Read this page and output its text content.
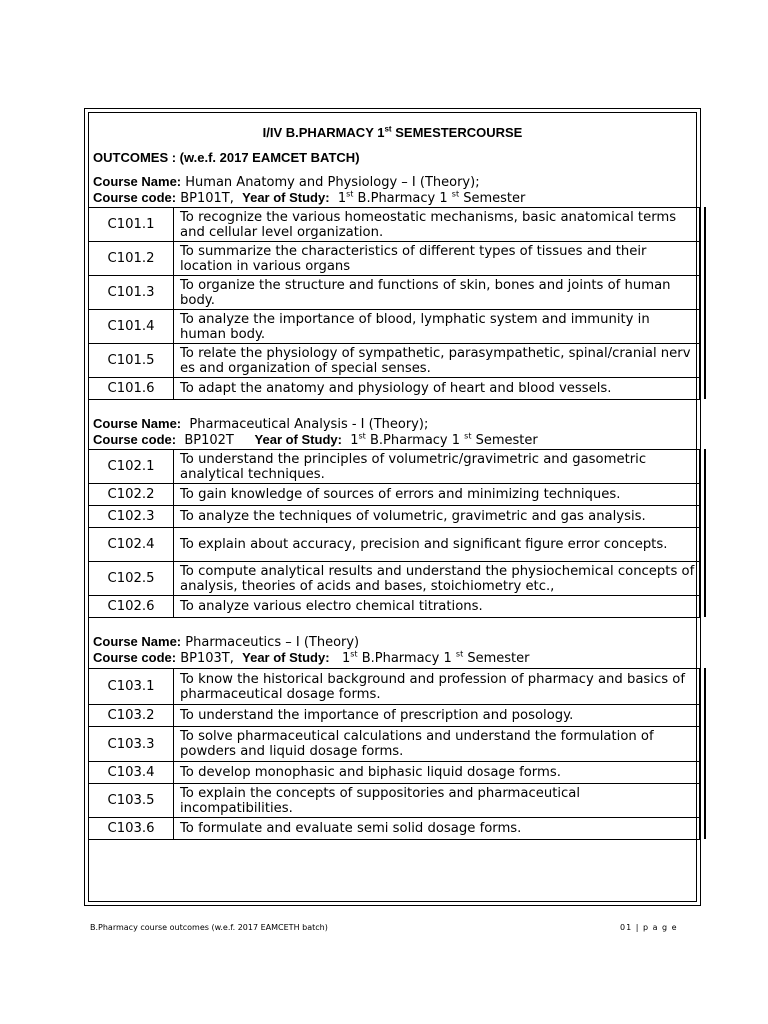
I/IV B.PHARMACY 1st SEMESTERCOURSE
OUTCOMES : (w.e.f. 2017 EAMCET BATCH)
Course Name: Human Anatomy and Physiology – I (Theory);
Course code: BP101T, Year of Study: 1st B.Pharmacy 1 $^{st}$ Semester
C101.1	To recognize the various homeostatic mechanisms, basic anatomical terms and cellular level organization.
C101.2	To summarize the characteristics of different types of tissues and their location in various organs
C101.3	To organize the structure and functions of skin, bones and joints of human body.
C101.4	To analyze the importance of blood, lymphatic system and immunity in human body.
C101.5	To relate the physiology of sympathetic, parasympathetic, spinal/cranial nerv es and organization of special senses.
C101.6	To adapt the anatomy and physiology of heart and blood vessels.
Course Name: Pharmaceutical Analysis - I (Theory);
Course code: BP102T Year of Study: 1st B.Pharmacy 1 $^{st}$ Semester
C102.1	To understand the principles of volumetric/gravimetric and gasometric analytical techniques.
C102.2	To gain knowledge of sources of errors and minimizing techniques.
C102.3	To analyze the techniques of volumetric, gravimetric and gas analysis.
C102.4	To explain about accuracy, precision and significant figure error concepts.
C102.5	To compute analytical results and understand the physiochemical concepts of analysis, theories of acids and bases, stoichiometry etc.,
C102.6	To analyze various electro chemical titrations.
Course Name: Pharmaceutics – I (Theory)
Course code: BP103T, Year of Study: 1st B.Pharmacy 1 $^{st}$ Semester
C103.1	To know the historical background and profession of pharmacy and basics of pharmaceutical dosage forms.
C103.2	To understand the importance of prescription and posology.
C103.3	To solve pharmaceutical calculations and understand the formulation of powders and liquid dosage forms.
C103.4	To develop monophasic and biphasic liquid dosage forms.
C103.5	To explain the concepts of suppositories and pharmaceutical incompatibilities.
C103.6	To formulate and evaluate semi solid dosage forms.
B.Pharmacy course outcomes (w.e.f. 2017 EAMCETH batch)	01 | p a g e
